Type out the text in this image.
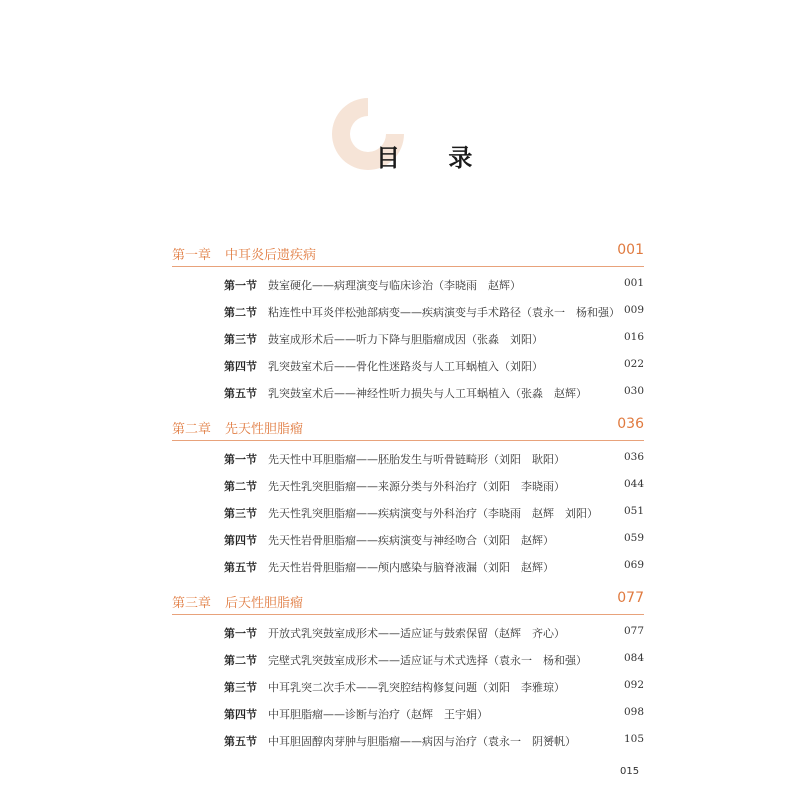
目 录
第一章 中耳炎后遗疾病	001
第一节 鼓室硬化——病理演变与临床诊治（李晓雨　赵辉）	001
第二节 粘连性中耳炎伴松弛部病变——疾病演变与手术路径（袁永一　杨和强） 009
第三节 鼓室成形术后——听力下降与胆脂瘤成因（张淼　刘阳）	016
第四节 乳突鼓室术后——骨化性迷路炎与人工耳蜗植入（刘阳）	022
第五节 乳突鼓室术后——神经性听力损失与人工耳蜗植入（张淼　赵辉）	030
第二章 先天性胆脂瘤	036
第一节 先天性中耳胆脂瘤——胚胎发生与听骨链畸形（刘阳　耿阳）	036
第二节 先天性乳突胆脂瘤——来源分类与外科治疗（刘阳　李晓雨）	044
第三节 先天性乳突胆脂瘤——疾病演变与外科治疗（李晓雨　赵辉　刘阳） 051
第四节 先天性岩骨胆脂瘤——疾病演变与神经吻合（刘阳　赵辉）	059
第五节 先天性岩骨胆脂瘤——颅内感染与脑脊液漏（刘阳　赵辉）	069
第三章 后天性胆脂瘤	077
第一节 开放式乳突鼓室成形术——适应证与鼓索保留（赵辉　齐心）	077
第二节 完壁式乳突鼓室成形术——适应证与术式选择（袁永一　杨和强）	084
第三节 中耳乳突二次手术——乳突腔结构修复问题（刘阳　李雅琼）	092
第四节 中耳胆脂瘤——诊断与治疗（赵辉　王宇娟）	098
第五节 中耳胆固醇肉芽肿与胆脂瘤——病因与治疗（袁永一　阴赟帆）	105
015
